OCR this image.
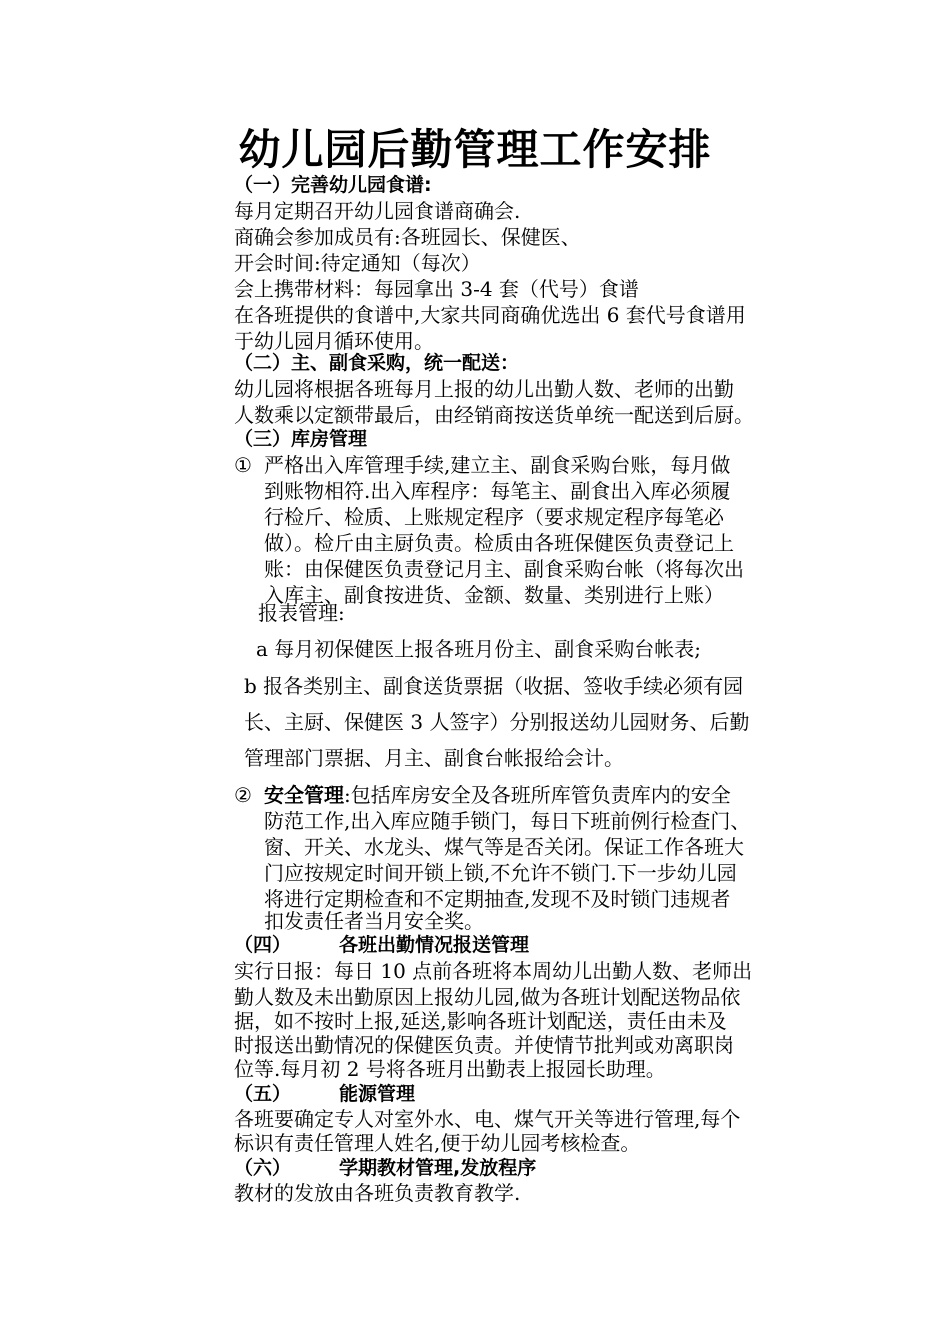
幼儿园后勤管理工作安排
（一）完善幼儿园食谱:
每月定期召开幼儿园食谱商确会.
商确会参加成员有:各班园长、保健医、
开会时间:待定通知（每次）
会上携带材料：每园拿出 3-4 套（代号）食谱
在各班提供的食谱中,大家共同商确优选出 6 套代号食谱用
于幼儿园月循环使用。
（二）主、副食采购，统一配送：
幼儿园将根据各班每月上报的幼儿出勤人数、老师的出勤
人数乘以定额带最后，由经销商按送货单统一配送到后厨。
（三）库房管理
① 严格出入库管理手续,建立主、副食采购台账，每月做
到账物相符.出入库程序：每笔主、副食出入库必须履
行检斤、检质、上账规定程序（要求规定程序每笔必
做）。检斤由主厨负责。检质由各班保健医负责登记上
账：由保健医负责登记月主、副食采购台帐（将每次出
入库主、副食按进货、金额、数量、类别进行上账）
报表管理:
a 每月初保健医上报各班月份主、副食采购台帐表;
b 报各类别主、副食送货票据（收据、签收手续必须有园
长、主厨、保健医 3 人签字）分别报送幼儿园财务、后勤
管理部门票据、月主、副食台帐报给会计。
② 安全管理:包括库房安全及各班所库管负责库内的安全
防范工作,出入库应随手锁门，每日下班前例行检查门、
窗、开关、水龙头、煤气等是否关闭。保证工作各班大
门应按规定时间开锁上锁,不允许不锁门.下一步幼儿园
将进行定期检查和不定期抽查,发现不及时锁门违规者
扣发责任者当月安全奖。
（四）	各班出勤情况报送管理
实行日报：每日 10 点前各班将本周幼儿出勤人数、老师出
勤人数及未出勤原因上报幼儿园,做为各班计划配送物品依
据，如不按时上报,延送,影响各班计划配送，责任由未及
时报送出勤情况的保健医负责。并使情节批判或劝离职岗
位等.每月初 2 号将各班月出勤表上报园长助理。
（五）	能源管理
各班要确定专人对室外水、电、煤气开关等进行管理,每个
标识有责任管理人姓名,便于幼儿园考核检查。
（六）	学期教材管理,发放程序
教材的发放由各班负责教育教学.
